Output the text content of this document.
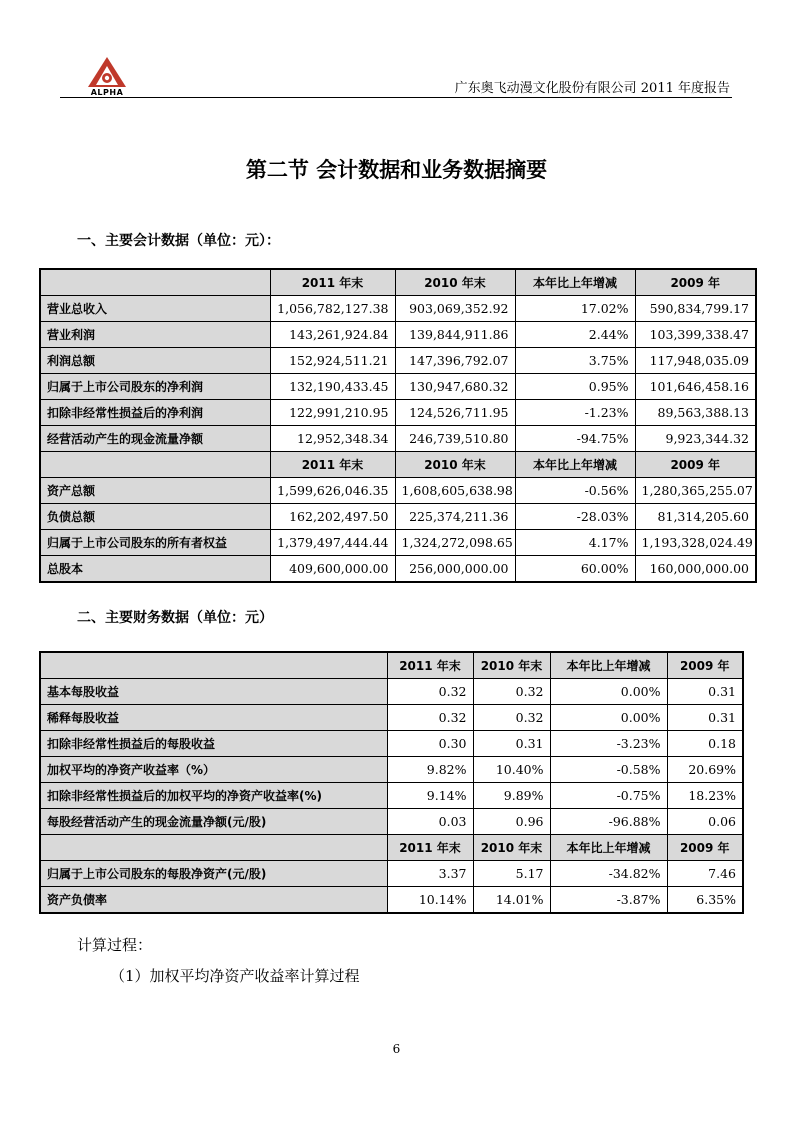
ALPHA	广东奥飞动漫文化股份有限公司 2011 年度报告
第二节 会计数据和业务数据摘要
一、主要会计数据（单位：元）：
	2011 年末	2010 年末	本年比上年增减	2009 年
营业总收入	1,056,782,127.38	903,069,352.92	17.02%	590,834,799.17
营业利润	143,261,924.84	139,844,911.86	2.44%	103,399,338.47
利润总额	152,924,511.21	147,396,792.07	3.75%	117,948,035.09
归属于上市公司股东的净利润	132,190,433.45	130,947,680.32	0.95%	101,646,458.16
扣除非经常性损益后的净利润	122,991,210.95	124,526,711.95	-1.23%	89,563,388.13
经营活动产生的现金流量净额	12,952,348.34	246,739,510.80	-94.75%	9,923,344.32
	2011 年末	2010 年末	本年比上年增减	2009 年
资产总额	1,599,626,046.35	1,608,605,638.98	-0.56%	1,280,365,255.07
负债总额	162,202,497.50	225,374,211.36	-28.03%	81,314,205.60
归属于上市公司股东的所有者权益	1,379,497,444.44	1,324,272,098.65	4.17%	1,193,328,024.49
总股本	409,600,000.00	256,000,000.00	60.00%	160,000,000.00
二、主要财务数据（单位：元）
	2011 年末	2010 年末	本年比上年增减	2009 年
基本每股收益	0.32	0.32	0.00%	0.31
稀释每股收益	0.32	0.32	0.00%	0.31
扣除非经常性损益后的每股收益	0.30	0.31	-3.23%	0.18
加权平均的净资产收益率（%）	9.82%	10.40%	-0.58%	20.69%
扣除非经常性损益后的加权平均的净资产收益率(%)	9.14%	9.89%	-0.75%	18.23%
每股经营活动产生的现金流量净额(元/股)	0.03	0.96	-96.88%	0.06
	2011 年末	2010 年末	本年比上年增减	2009 年
归属于上市公司股东的每股净资产(元/股)	3.37	5.17	-34.82%	7.46
资产负债率	10.14%	14.01%	-3.87%	6.35%
计算过程：
（1）加权平均净资产收益率计算过程
6
